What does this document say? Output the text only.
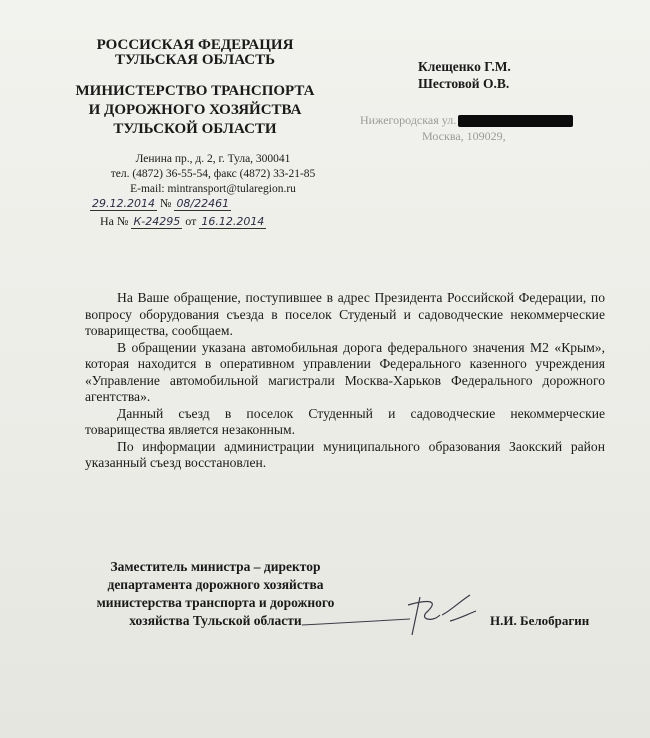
РОССИСКАЯ ФЕДЕРАЦИЯ
ТУЛЬСКАЯ ОБЛАСТЬ
МИНИСТЕРСТВО ТРАНСПОРТА
И ДОРОЖНОГО ХОЗЯЙСТВА
ТУЛЬСКОЙ ОБЛАСТИ
Ленина пр., д. 2, г. Тула, 300041
тел. (4872) 36-55-54, факс (4872) 33-21-85
E-mail: mintransport@tularegion.ru
29.12.2014 № 08/22461
На № К-24295 от 16.12.2014
Клещенко Г.М.
Шестовой О.В.
Нижегородская ул.
Москва, 109029,

На Ваше обращение, поступившее в адрес Президента Российской Федерации, по вопросу оборудования съезда в поселок Студеный и садоводческие некоммерческие товарищества, сообщаем.

В обращении указана автомобильная дорога федерального значения М2 «Крым», которая находится в оперативном управлении Федерального казенного учреждения «Управление автомобильной магистрали Москва-Харьков Федерального дорожного агентства».

Данный съезд в поселок Студенный и садоводческие некоммерческие товарищества является незаконным.

По информации администрации муниципального образования Заокский район указанный съезд восстановлен.

Заместитель министра – директор
департамента дорожного хозяйства
министерства транспорта и дорожного
хозяйства Тульской области	Н.И. Белобрагин
